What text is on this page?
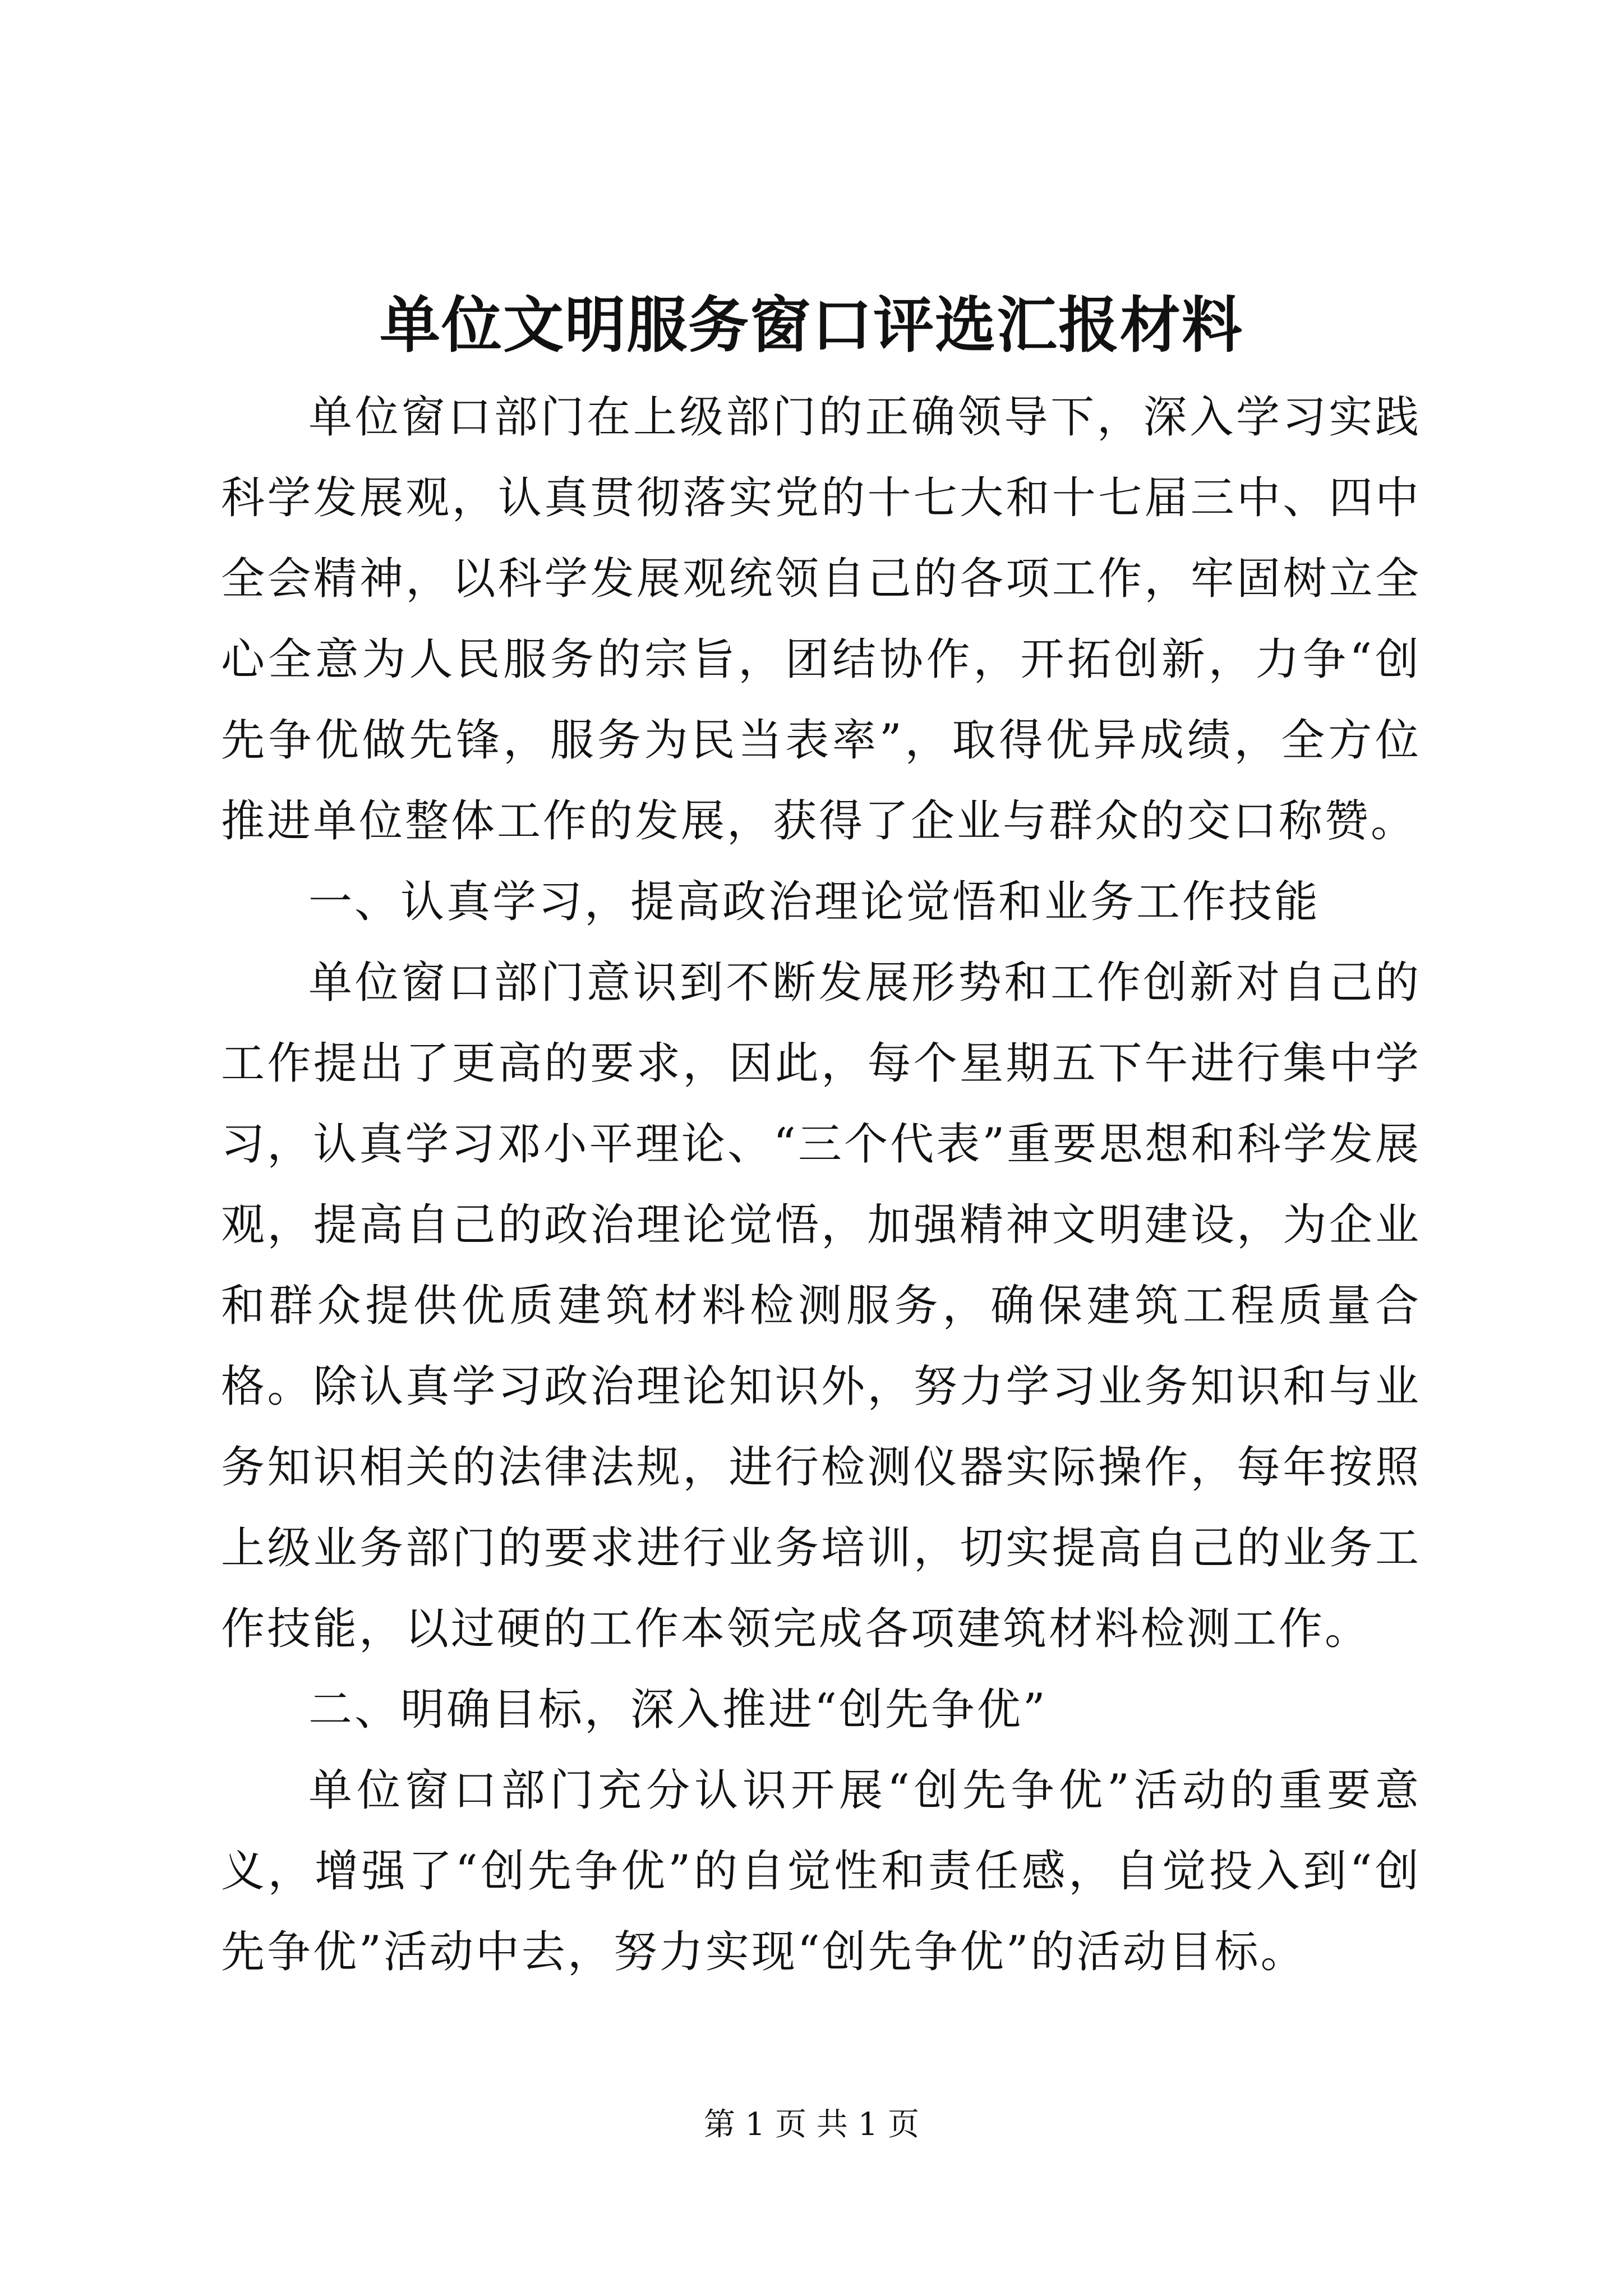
单位文明服务窗口评选汇报材料

单位窗口部门在上级部门的正确领导下，深入学习实践科学发展观，认真贯彻落实党的十七大和十七届三中、四中全会精神，以科学发展观统领自己的各项工作，牢固树立全心全意为人民服务的宗旨，团结协作，开拓创新，力争“创先争优做先锋，服务为民当表率”，取得优异成绩，全方位推进单位整体工作的发展，获得了企业与群众的交口称赞。

一、认真学习，提高政治理论觉悟和业务工作技能

单位窗口部门意识到不断发展形势和工作创新对自己的工作提出了更高的要求，因此，每个星期五下午进行集中学习，认真学习邓小平理论、“三个代表”重要思想和科学发展观，提高自己的政治理论觉悟，加强精神文明建设，为企业和群众提供优质建筑材料检测服务，确保建筑工程质量合格。除认真学习政治理论知识外，努力学习业务知识和与业务知识相关的法律法规，进行检测仪器实际操作，每年按照上级业务部门的要求进行业务培训，切实提高自己的业务工作技能，以过硬的工作本领完成各项建筑材料检测工作。

二、明确目标，深入推进“创先争优”

单位窗口部门充分认识开展“创先争优”活动的重要意义，增强了“创先争优”的自觉性和责任感，自觉投入到“创先争优”活动中去，努力实现“创先争优”的活动目标。

第 1 页 共 1 页
